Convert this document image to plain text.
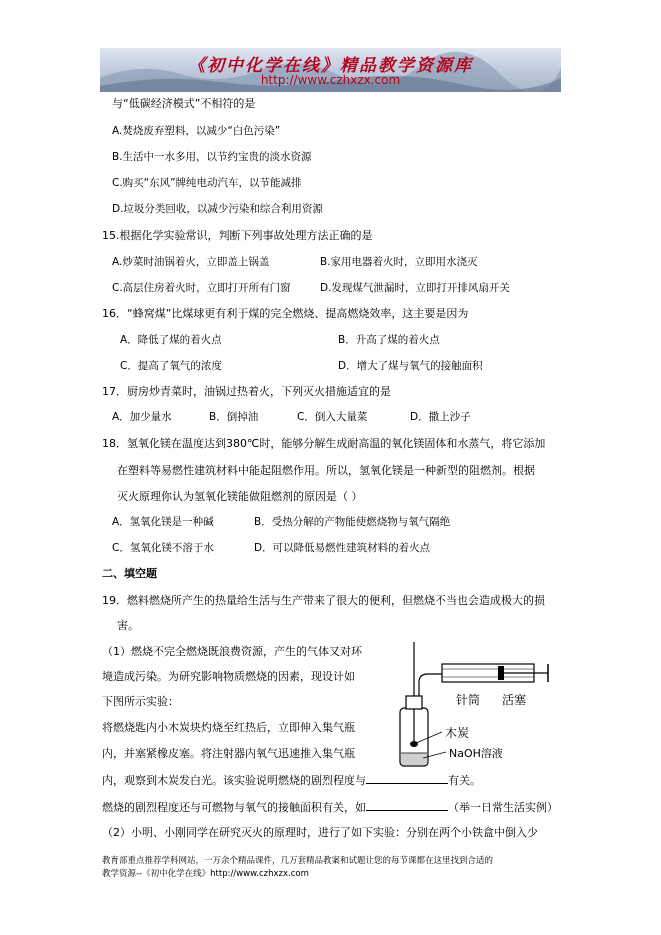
《初中化学在线》精品教学资源库
http://www.czhxzx.com
与“低碳经济模式”不相符的是
A.焚烧废弃塑料，以减少“白色污染”
B.生活中一水多用，以节约宝贵的淡水资源
C.购买“东风”牌纯电动汽车，以节能减排
D.垃圾分类回收，以减少污染和综合利用资源
15.根据化学实验常识，判断下列事故处理方法正确的是
A.炒菜时油锅着火，立即盖上锅盖	B.家用电器着火时，立即用水浇灭
C.高层住房着火时，立即打开所有门窗	D.发现煤气泄漏时，立即打开排风扇开关
16．“蜂窝煤”比煤球更有利于煤的完全燃烧、提高燃烧效率，这主要是因为
A．降低了煤的着火点	B．升高了煤的着火点
C．提高了氧气的浓度	D．增大了煤与氧气的接触面积
17．厨房炒青菜时，油锅过热着火，下列灭火措施适宜的是
A．加少量水	B．倒掉油	C．倒入大量菜	D．撒上沙子
18．氢氧化镁在温度达到380℃时，能够分解生成耐高温的氧化镁固体和水蒸气，将它添加
在塑料等易燃性建筑材料中能起阻燃作用。所以，氢氧化镁是一种新型的阻燃剂。根据
灭火原理你认为氢氧化镁能做阻燃剂的原因是（ ）
A．氢氧化镁是一种碱	B．受热分解的产物能使燃烧物与氧气隔绝
C．氢氧化镁不溶于水	D．可以降低易燃性建筑材料的着火点
二、填空题
19．燃料燃烧所产生的热量给生活与生产带来了很大的便利，但燃烧不当也会造成极大的损
害。
（1）燃烧不完全燃烧既浪费资源，产生的气体又对环
境造成污染。为研究影响物质燃烧的因素，现设计如
下图所示实验：
将燃烧匙内小木炭块灼烧至红热后，立即伸入集气瓶
内，并塞紧橡皮塞。将注射器内氧气迅速推入集气瓶
内，观察到木炭发白光。该实验说明燃烧的剧烈程度与	有关。
燃烧的剧烈程度还与可燃物与氧气的接触面积有关，如	（举一日常生活实例）
（2）小明、小刚同学在研究灭火的原理时，进行了如下实验：分别在两个小铁盒中倒入少
针筒 活塞
木炭
NaOH溶液
教育部重点推荐学科网站，一万余个精品课件，几万套精品教案和试题让您的每节课都在这里找到合适的
教学资源--《初中化学在线》http://www.czhxzx.com
